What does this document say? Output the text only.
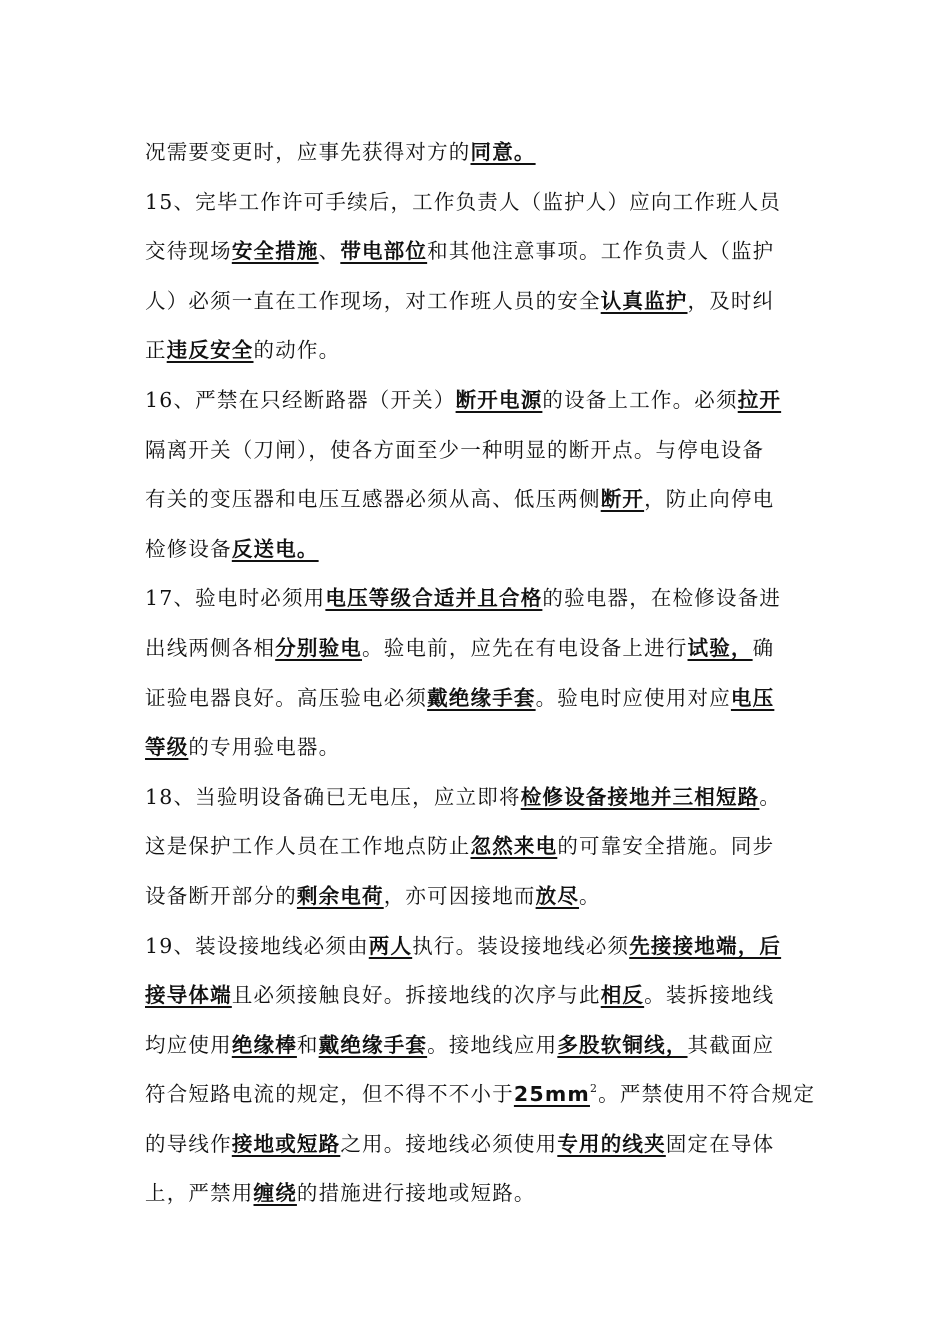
况需要变更时，应事先获得对方的同意。
15、完毕工作许可手续后，工作负责人（监护人）应向工作班人员
交待现场安全措施、带电部位和其他注意事项。工作负责人（监护
人）必须一直在工作现场，对工作班人员的安全认真监护，及时纠
正违反安全的动作。
16、严禁在只经断路器（开关）断开电源的设备上工作。必须拉开
隔离开关（刀闸），使各方面至少一种明显的断开点。与停电设备
有关的变压器和电压互感器必须从高、低压两侧断开，防止向停电
检修设备反送电。
17、验电时必须用电压等级合适并且合格的验电器，在检修设备进
出线两侧各相分别验电。验电前，应先在有电设备上进行试验，确
证验电器良好。高压验电必须戴绝缘手套。验电时应使用对应电压
等级的专用验电器。
18、当验明设备确已无电压，应立即将检修设备接地并三相短路。
这是保护工作人员在工作地点防止忽然来电的可靠安全措施。同步
设备断开部分的剩余电荷，亦可因接地而放尽。
19、装设接地线必须由两人执行。装设接地线必须先接接地端，后
接导体端且必须接触良好。拆接地线的次序与此相反。装拆接地线
均应使用绝缘棒和戴绝缘手套。接地线应用多股软铜线，其截面应
符合短路电流的规定，但不得不不小于$25mm^2$。严禁使用不符合规定
的导线作接地或短路之用。接地线必须使用专用的线夹固定在导体
上，严禁用缠绕的措施进行接地或短路。
